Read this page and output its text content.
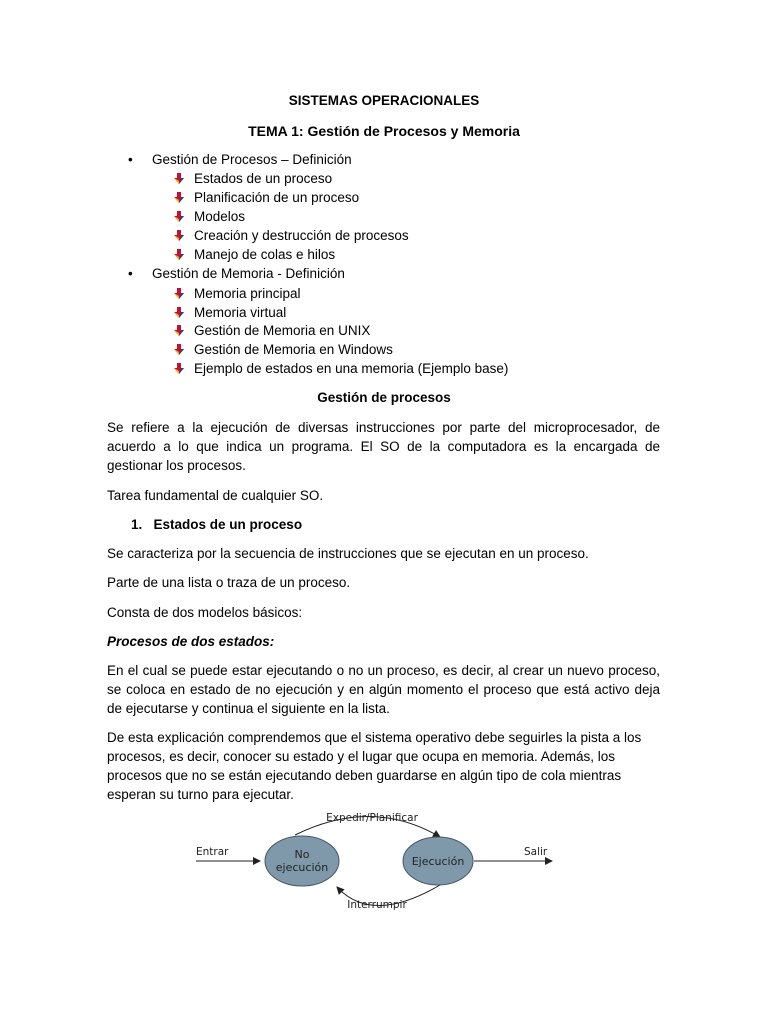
SISTEMAS OPERACIONALES
TEMA 1: Gestión de Procesos y Memoria
• Gestión de Procesos – Definición
Estados de un proceso
Planificación de un proceso
Modelos
Creación y destrucción de procesos
Manejo de colas e hilos
• Gestión de Memoria - Definición
Memoria principal
Memoria virtual
Gestión de Memoria en UNIX
Gestión de Memoria en Windows
Ejemplo de estados en una memoria (Ejemplo base)
Gestión de procesos
Se refiere a la ejecución de diversas instrucciones por parte del microprocesador, de
acuerdo a lo que indica un programa. El SO de la computadora es la encargada de
gestionar los procesos.
Tarea fundamental de cualquier SO.
1. Estados de un proceso
Se caracteriza por la secuencia de instrucciones que se ejecutan en un proceso.
Parte de una lista o traza de un proceso.
Consta de dos modelos básicos:
Procesos de dos estados:
En el cual se puede estar ejecutando o no un proceso, es decir, al crear un nuevo proceso,
se coloca en estado de no ejecución y en algún momento el proceso que está activo deja
de ejecutarse y continua el siguiente en la lista.
De esta explicación comprendemos que el sistema operativo debe seguirles la pista a los
procesos, es decir, conocer su estado y el lugar que ocupa en memoria. Además, los
procesos que no se están ejecutando deben guardarse en algún tipo de cola mientras
esperan su turno para ejecutar.
Entrar
Expedir/Planificar
Interrumpir
No
ejecución	Ejecución
Salir
